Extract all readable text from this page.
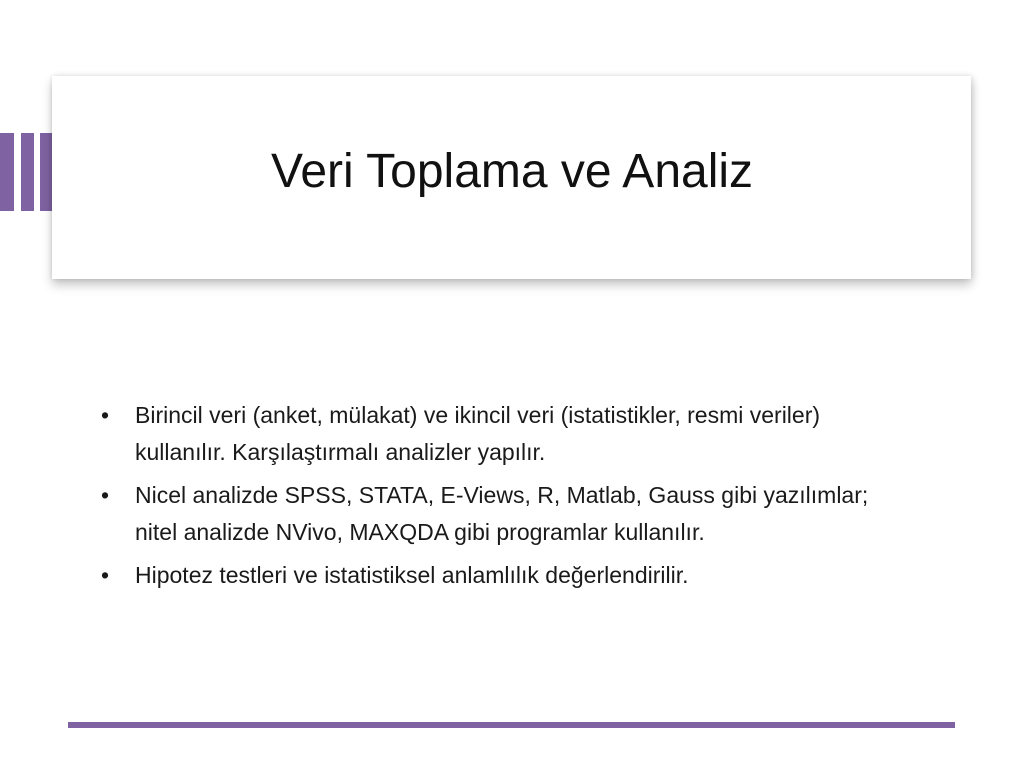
Veri Toplama ve Analiz
• Birincil veri (anket, mülakat) ve ikincil veri (istatistikler, resmi veriler) kullanılır. Karşılaştırmalı analizler yapılır.
• Nicel analizde SPSS, STATA, E-Views, R, Matlab, Gauss gibi yazılımlar; nitel analizde NVivo, MAXQDA gibi programlar kullanılır.
• Hipotez testleri ve istatistiksel anlamlılık değerlendirilir.
